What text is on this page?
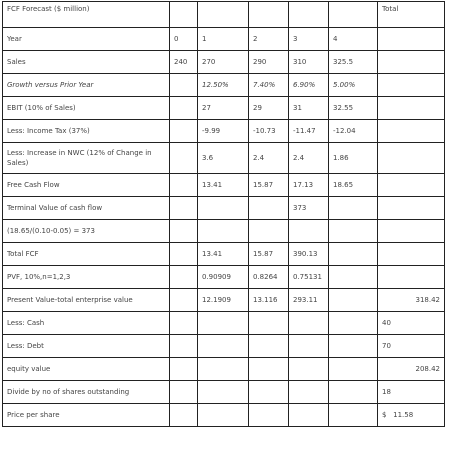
FCF Forecast ($ million)						Total
Year	0	1	2	3	4	
Sales	240	270	290	310	325.5	
Growth versus Prior Year		12.50%	7.40%	6.90%	5.00%	
EBIT (10% of Sales)		27	29	31	32.55	
Less: Income Tax (37%)		-9.99	-10.73	-11.47	-12.04	
Less: Increase in NWC (12% of Change in Sales)		3.6	2.4	2.4	1.86	
Free Cash Flow		13.41	15.87	17.13	18.65	
Terminal Value of cash flow				373		
(18.65/(0.10-0.05) = 373						
Total FCF		13.41	15.87	390.13		
PVF, 10%,n=1,2,3		0.90909	0.8264	0.75131		
Present Value-total enterprise value		12.1909	13.116	293.11		318.42
Less: Cash						40
Less: Debt						70
equity value						208.42
Divide by no of shares outstanding						18
Price per share						$   11.58
